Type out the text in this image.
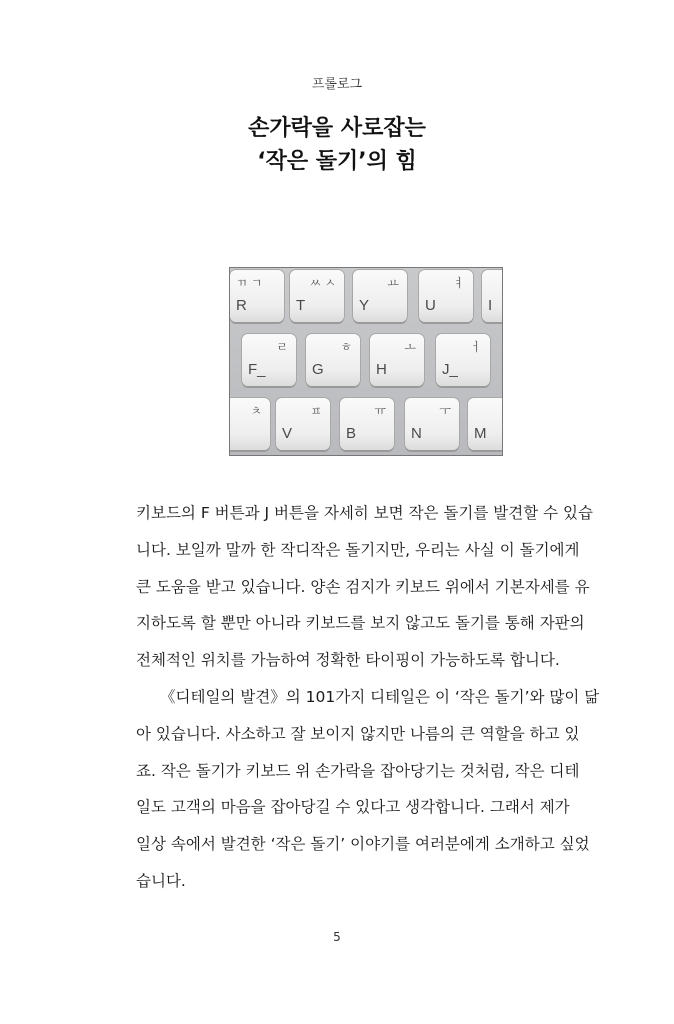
프롤로그
손가락을 사로잡는
‘작은 돌기’의 힘
ㄲ ㄱ
R
ㅆ ㅅ
T
ㅛ
Y
ㅕ
U	I
ㄹ
F_
ㅎ
G
ㅗ
H
ㅓ
J_
ㅊ	ㅍ
V
ㅠ
B
ㅜ
N	M

키보드의 F 버튼과 J 버튼을 자세히 보면 작은 돌기를 발견할 수 있습
니다. 보일까 말까 한 작디작은 돌기지만, 우리는 사실 이 돌기에게
큰 도움을 받고 있습니다. 양손 검지가 키보드 위에서 기본자세를 유
지하도록 할 뿐만 아니라 키보드를 보지 않고도 돌기를 통해 자판의
전체적인 위치를 가늠하여 정확한 타이핑이 가능하도록 합니다.
《디테일의 발견》의 101가지 디테일은 이 ‘작은 돌기’와 많이 닮
아 있습니다. 사소하고 잘 보이지 않지만 나름의 큰 역할을 하고 있
죠. 작은 돌기가 키보드 위 손가락을 잡아당기는 것처럼, 작은 디테
일도 고객의 마음을 잡아당길 수 있다고 생각합니다. 그래서 제가
일상 속에서 발견한 ‘작은 돌기’ 이야기를 여러분에게 소개하고 싶었
습니다.

5
